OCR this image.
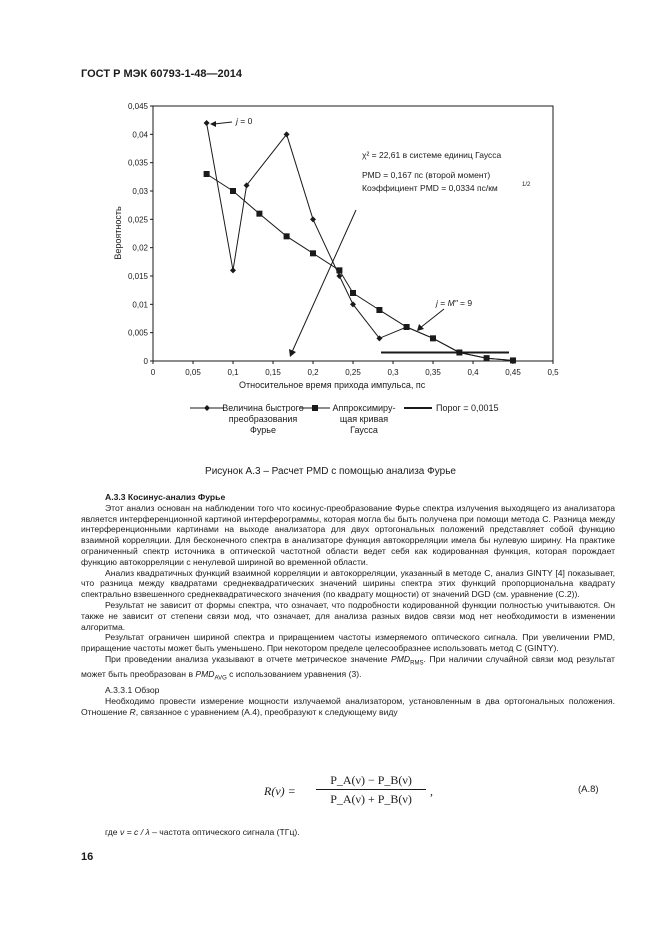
ГОСТ Р МЭК 60793-1-48—2014
Относительное время прихода импульса, пс
Вероятность
0	0,05	0,1	0,15	0,2	0,25	0,3	0,35	0,4	0,45	0,5
0
0,005
0,01
0,015
0,02
0,025
0,03
0,035
0,04
0,045
j = 0
j = M" = 9
χ² = 22,61 в системе единиц Гаусса
PMD = 0,167 пс (второй момент)
Коэффициент PMD = 0,0334 пс/км	1/2
Величина быстрого
преобразования
Фурье
Аппроксимиру-
щая кривая
Гаусса
Порог = 0,0015
Рисунок А.3 – Расчет PMD с помощью анализа Фурье

А.3.3 Косинус-анализ Фурье

Этот анализ основан на наблюдении того что косинус-преобразование Фурье спектра излучения выходящего из анализатора является интерференционной картиной интерферограммы, которая могла бы быть получена при помощи метода С. Разница между интерференционными картинами на выходе анализатора для двух ортогональных положений представляет собой функцию взаимной корреляции. Для бесконечного спектра в анализаторе функция автокорреляции имела бы нулевую ширину. На практике ограниченный спектр источника в оптической частотной области ведет себя как кодированная функция, которая порождает функцию автокорреляции с ненулевой шириной во временной области.

Анализ квадратичных функций взаимной корреляции и автокорреляции, указанный в методе С, анализ GINTY [4] показывает, что разница между квадратами среднеквадратических значений ширины спектра этих функций пропорциональна квадрату спектрально взвешенного среднеквадратического значения (по квадрату мощности) от значений DGD (см. уравнение (С.2)).

Результат не зависит от формы спектра, что означает, что подробности кодированной функции полностью учитываются. Он также не зависит от степени связи мод, что означает, для анализа разных видов связи мод нет необходимости в изменении алгоритма.

Результат ограничен шириной спектра и приращением частоты измеряемого оптического сигнала. При увеличении PMD, приращение частоты может быть уменьшено. При некотором пределе целесообразнее использовать метод С (GINTY).

При проведении анализа указывают в отчете метрическое значение $PMD_{RMS}$. При наличии случайной связи мод результат может быть преобразован в $PMD_{AVG}$ с использованием уравнения (3).

А.3.3.1 Обзор

Необходимо провести измерение мощности излучаемой анализатором, установленным в два ортогональных положения. Отношение R, связанное с уравнением (А.4), преобразуют к следующему виду

$R(\nu) = \frac{P\_A(\nu) - P\_B(\nu)}{P\_A(\nu) + P\_B(\nu)}$ ,	(А.8)
где ν = c / λ – частота оптического сигнала (ТГц).
16
